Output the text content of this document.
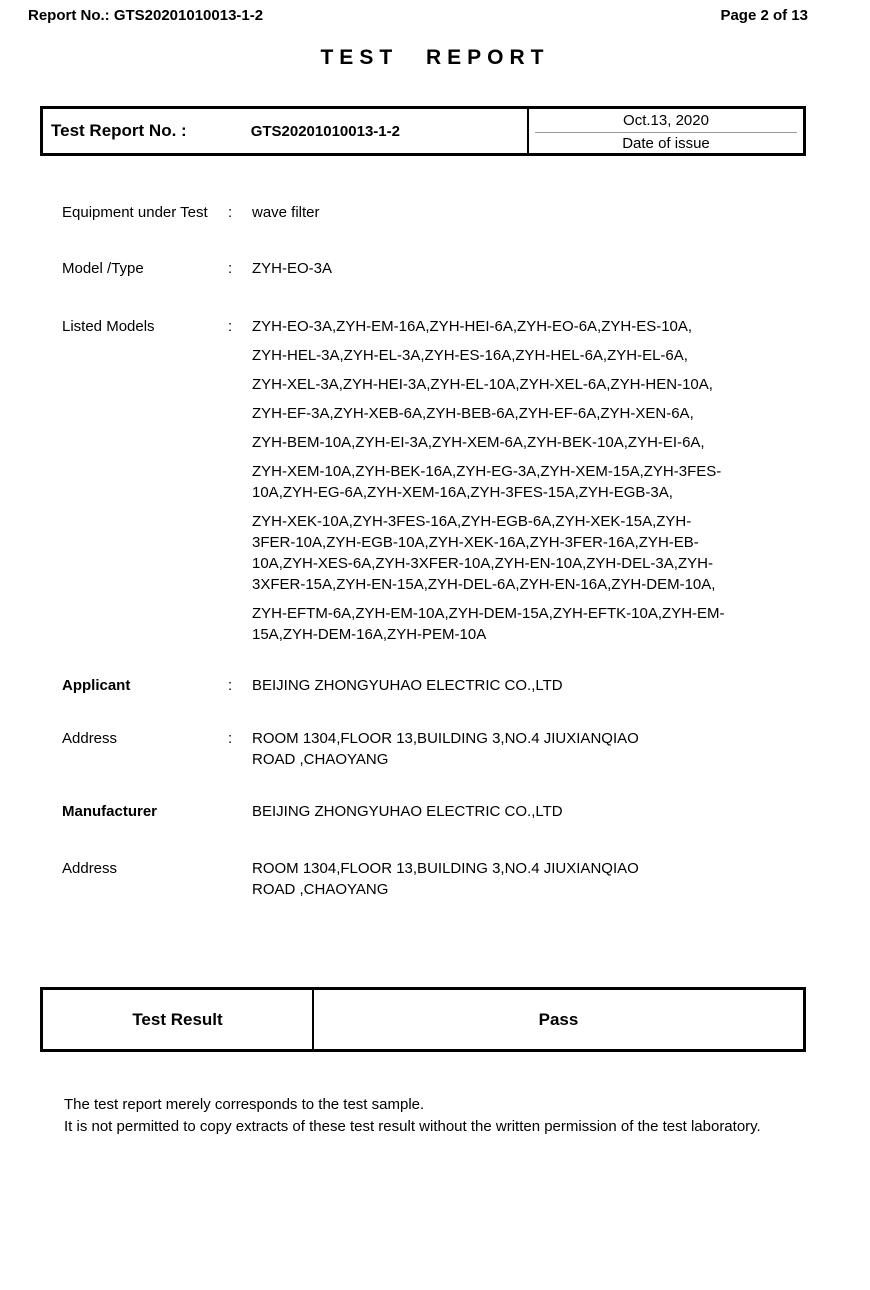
Report No.: GTS20201010013-1-2	Page 2 of 13
TEST REPORT
Test Report No. :	GTS20201010013-1-2
Oct.13, 2020
Date of issue
Equipment under Test	:	wave filter
Model /Type	:	ZYH-EO-3A
Listed Models	:	ZYH-EO-3A,ZYH-EM-16A,ZYH-HEI-6A,ZYH-EO-6A,ZYH-ES-10A,
ZYH-HEL-3A,ZYH-EL-3A,ZYH-ES-16A,ZYH-HEL-6A,ZYH-EL-6A,
ZYH-XEL-3A,ZYH-HEI-3A,ZYH-EL-10A,ZYH-XEL-6A,ZYH-HEN-10A,
ZYH-EF-3A,ZYH-XEB-6A,ZYH-BEB-6A,ZYH-EF-6A,ZYH-XEN-6A,
ZYH-BEM-10A,ZYH-EI-3A,ZYH-XEM-6A,ZYH-BEK-10A,ZYH-EI-6A,
ZYH-XEM-10A,ZYH-BEK-16A,ZYH-EG-3A,ZYH-XEM-15A,ZYH-3FES-
10A,ZYH-EG-6A,ZYH-XEM-16A,ZYH-3FES-15A,ZYH-EGB-3A,
ZYH-XEK-10A,ZYH-3FES-16A,ZYH-EGB-6A,ZYH-XEK-15A,ZYH-
3FER-10A,ZYH-EGB-10A,ZYH-XEK-16A,ZYH-3FER-16A,ZYH-EB-
10A,ZYH-XES-6A,ZYH-3XFER-10A,ZYH-EN-10A,ZYH-DEL-3A,ZYH-
3XFER-15A,ZYH-EN-15A,ZYH-DEL-6A,ZYH-EN-16A,ZYH-DEM-10A,
ZYH-EFTM-6A,ZYH-EM-10A,ZYH-DEM-15A,ZYH-EFTK-10A,ZYH-EM-
15A,ZYH-DEM-16A,ZYH-PEM-10A
Applicant	:	BEIJING ZHONGYUHAO ELECTRIC CO.,LTD
Address	:	ROOM 1304,FLOOR 13,BUILDING 3,NO.4 JIUXIANQIAO
ROAD ,CHAOYANG
Manufacturer	BEIJING ZHONGYUHAO ELECTRIC CO.,LTD
Address	ROOM 1304,FLOOR 13,BUILDING 3,NO.4 JIUXIANQIAO
ROAD ,CHAOYANG
Test Result	Pass

The test report merely corresponds to the test sample.

It is not permitted to copy extracts of these test result without the written permission of the test laboratory.
